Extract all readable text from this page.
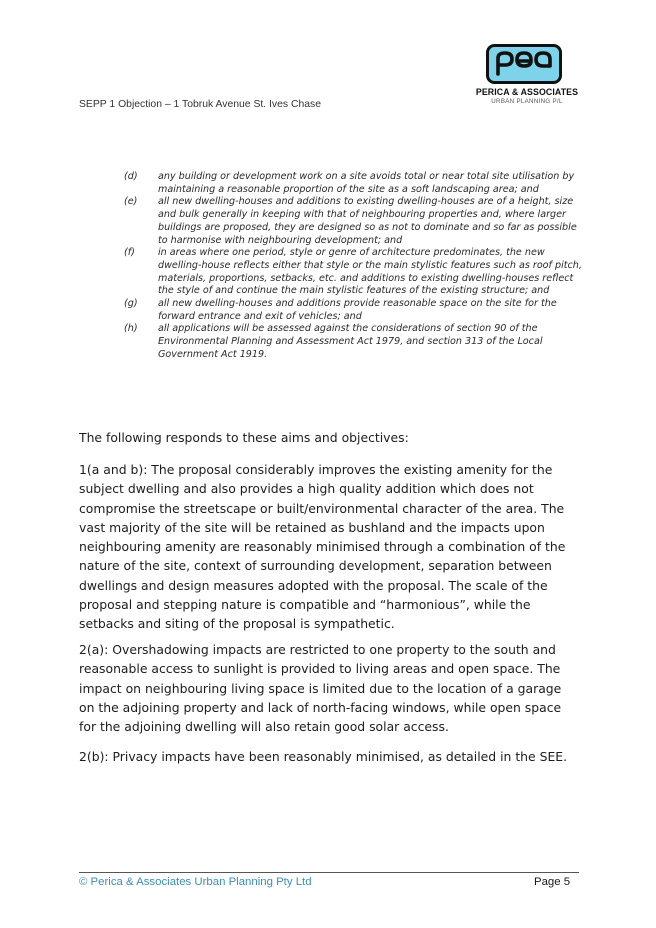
PERICA & ASSOCIATES
URBAN PLANNING P/L
SEPP 1 Objection – 1 Tobruk Avenue St. Ives Chase
(d)	any building or development work on a site avoids total or near total site utilisation by maintaining a reasonable proportion of the site as a soft landscaping area; and
(e)	all new dwelling-houses and additions to existing dwelling-houses are of a height, size and bulk generally in keeping with that of neighbouring properties and, where larger buildings are proposed, they are designed so as not to dominate and so far as possible to harmonise with neighbouring development; and
(f)	in areas where one period, style or genre of architecture predominates, the new dwelling-house reflects either that style or the main stylistic features such as roof pitch, materials, proportions, setbacks, etc. and additions to existing dwelling-houses reflect the style of and continue the main stylistic features of the existing structure; and
(g)	all new dwelling-houses and additions provide reasonable space on the site for the forward entrance and exit of vehicles; and
(h)	all applications will be assessed against the considerations of section 90 of the Environmental Planning and Assessment Act 1979, and section 313 of the Local Government Act 1919.

The following responds to these aims and objectives:

1(a and b): The proposal considerably improves the existing amenity for the subject dwelling and also provides a high quality addition which does not compromise the streetscape or built/environmental character of the area. The vast majority of the site will be retained as bushland and the impacts upon neighbouring amenity are reasonably minimised through a combination of the nature of the site, context of surrounding development, separation between dwellings and design measures adopted with the proposal. The scale of the proposal and stepping nature is compatible and “harmonious”, while the setbacks and siting of the proposal is sympathetic.

2(a): Overshadowing impacts are restricted to one property to the south and reasonable access to sunlight is provided to living areas and open space. The impact on neighbouring living space is limited due to the location of a garage on the adjoining property and lack of north-facing windows, while open space for the adjoining dwelling will also retain good solar access.

2(b): Privacy impacts have been reasonably minimised, as detailed in the SEE.

© Perica & Associates Urban Planning Pty Ltd	Page 5
